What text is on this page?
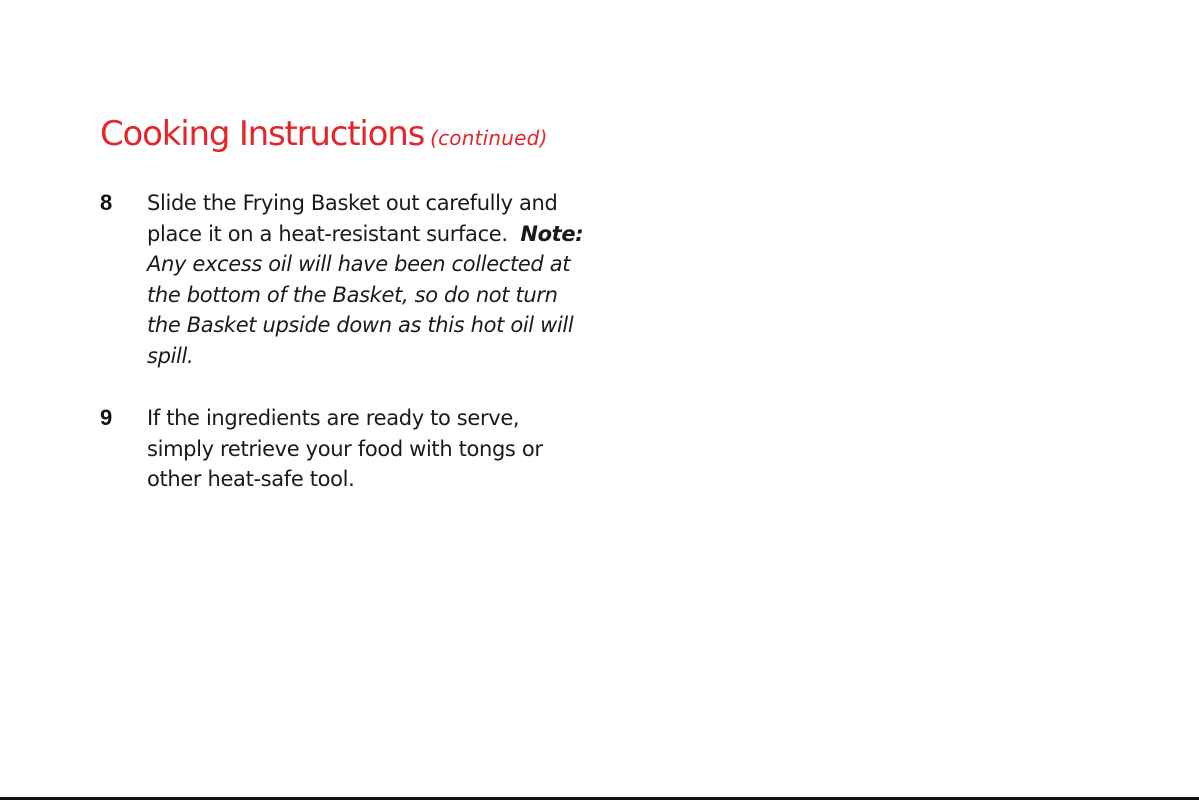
Cooking Instructions (continued)
8	Slide the Frying Basket out carefully and place it on a heat-resistant surface. Note: Any excess oil will have been collected at the bottom of the Basket, so do not turn the Basket upside down as this hot oil will spill.
9	If the ingredients are ready to serve, simply retrieve your food with tongs or other heat-safe tool.
